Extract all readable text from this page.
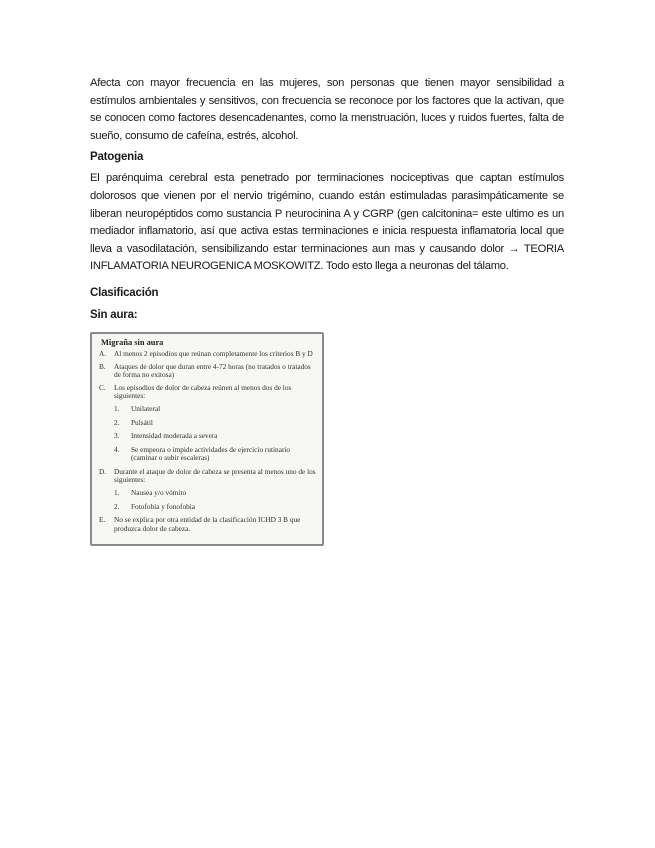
Afecta con mayor frecuencia en las mujeres, son personas que tienen mayor sensibilidad a estímulos ambientales y sensitivos, con frecuencia se reconoce por los factores que la activan, que se conocen como factores desencadenantes, como la menstruación, luces y ruidos fuertes, falta de sueño, consumo de cafeína, estrés, alcohol.

Patogenia

El parénquima cerebral esta penetrado por terminaciones nociceptivas que captan estímulos dolorosos que vienen por el nervio trigémino, cuando están estimuladas parasimpáticamente se liberan neuropéptidos como sustancia P neurocinina A y CGRP (gen calcitonina= este ultimo es un mediador inflamatorio, así que activa estas terminaciones e inicia respuesta inflamatoria local que lleva a vasodilatación, sensibilizando estar terminaciones aun mas y causando dolor → TEORIA INFLAMATORIA NEUROGENICA MOSKOWITZ. Todo esto llega a neuronas del tálamo.

Clasificación

Sin aura:

Migraña sin aura
A.	Al menos 2 episodios que reúnan completamente los criterios B y D
B.	Ataques de dolor que duran entre 4-72 horas (no tratados o tratados de forma no exitosa)
C.	Los episodios de dolor de cabeza reúnen al menos dos de los siguientes:
1.	Unilateral
2.	Pulsátil
3.	Intensidad moderada a severa
4.	Se empeora o impide actividades de ejercicio rutinario (caminar o subir escaleras)
D.	Durante el ataque de dolor de cabeza se presenta al menos uno de los siguientes:
1.	Nausea y/o vómito
2.	Fotofobia y fonofobia
E.	No se explica por otra entidad de la clasificación ICHD 3 B que produzca dolor de cabeza.
